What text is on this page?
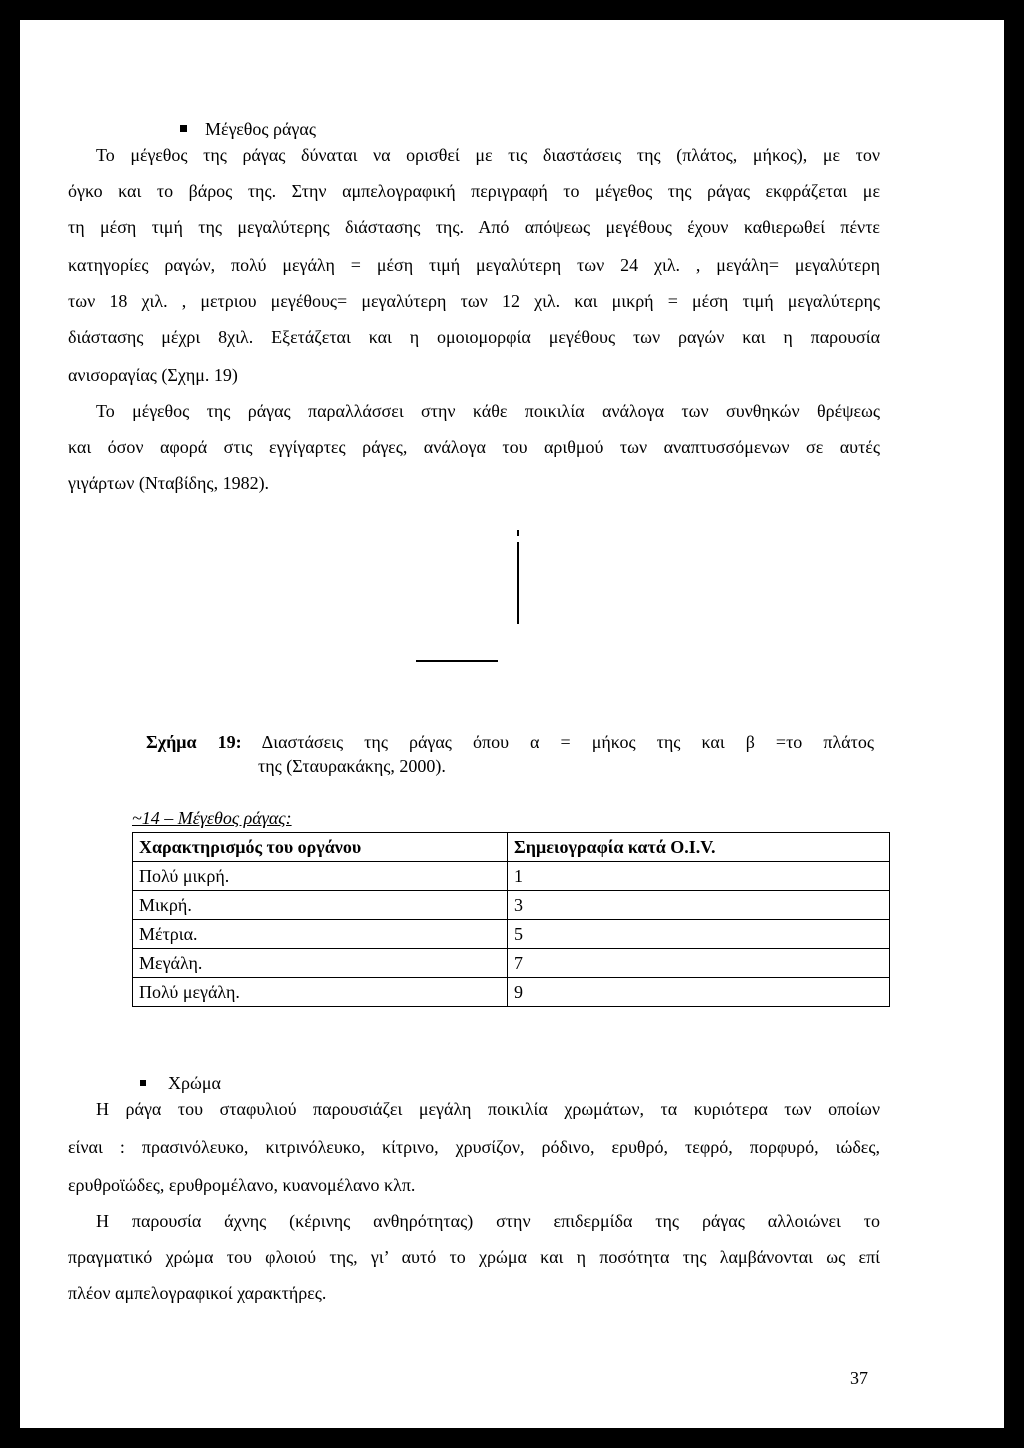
Μέγεθος ράγας
Το μέγεθος της ράγας δύναται να ορισθεί με τις διαστάσεις της (πλάτος, μήκος), με τον
όγκο και το βάρος της. Στην αμπελογραφική περιγραφή το μέγεθος της ράγας εκφράζεται με
τη μέση τιμή της μεγαλύτερης διάστασης της. Από απόψεως μεγέθους έχουν καθιερωθεί πέντε
κατηγορίες ραγών, πολύ μεγάλη = μέση τιμή μεγαλύτερη των 24 χιλ. , μεγάλη= μεγαλύτερη
των 18 χιλ. , μετριου μεγέθους= μεγαλύτερη των 12 χιλ. και μικρή = μέση τιμή μεγαλύτερης
διάστασης μέχρι 8χιλ. Εξετάζεται και η ομοιομορφία μεγέθους των ραγών και η παρουσία
ανισοραγίας (Σχημ. 19)
Το μέγεθος της ράγας παραλλάσσει στην κάθε ποικιλία ανάλογα των συνθηκών θρέψεως
και όσον αφορά στις εγγίγαρτες ράγες, ανάλογα του αριθμού των αναπτυσσόμενων σε αυτές
γιγάρτων (Νταβίδης, 1982).
Σχήμα 19: Διαστάσεις της ράγας όπου α = μήκος της και β =το πλάτος
της (Σταυρακάκης, 2000).
~14 – Μέγεθος ράγας:
Χαρακτηρισμός του οργάνου	Σημειογραφία κατά O.I.V.
Πολύ μικρή.	1
Μικρή.	3
Μέτρια.	5
Μεγάλη.	7
Πολύ μεγάλη.	9
Χρώμα
Η ράγα του σταφυλιού παρουσιάζει μεγάλη ποικιλία χρωμάτων, τα κυριότερα των οποίων
είναι : πρασινόλευκο, κιτρινόλευκο, κίτρινο, χρυσίζον, ρόδινο, ερυθρό, τεφρό, πορφυρό, ιώδες,
ερυθροϊώδες, ερυθρομέλανο, κυανομέλανο κλπ.
Η παρουσία άχνης (κέρινης ανθηρότητας) στην επιδερμίδα της ράγας αλλοιώνει το
πραγματικό χρώμα του φλοιού της, γι’ αυτό το χρώμα και η ποσότητα της λαμβάνονται ως επί
πλέον αμπελογραφικοί χαρακτήρες.
37
